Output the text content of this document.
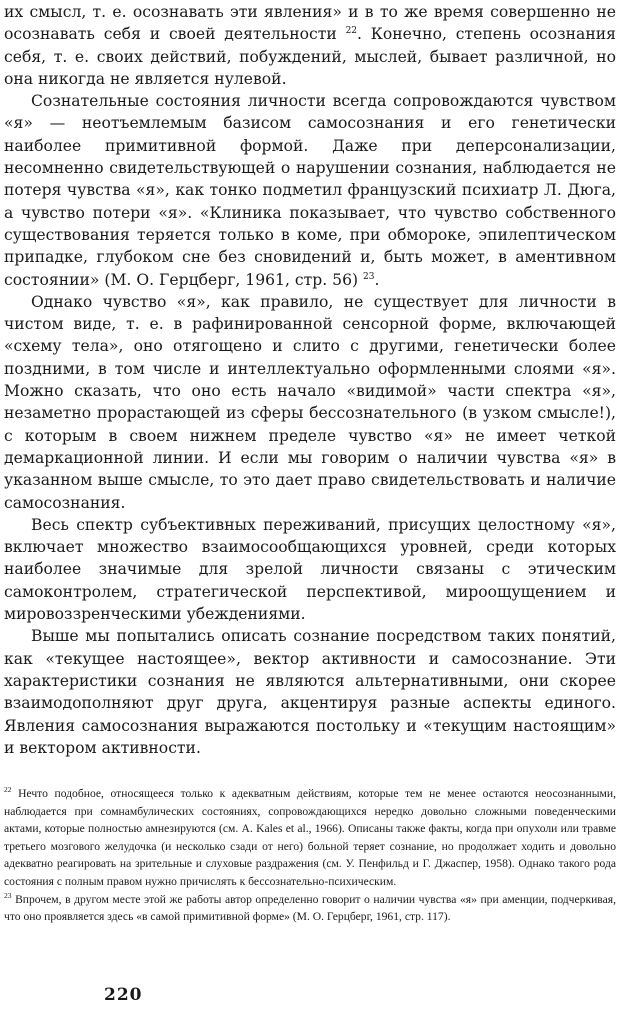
их смысл, т. е. осознавать эти явления» и в то же время совершенно не осознавать себя и своей деятельности $^{22}$. Конечно, степень осознания себя, т. е. своих действий, побуждений, мыслей, бывает различной, но она никогда не является нулевой.

Сознательные состояния личности всегда сопровождаются чувством «я» — неотъемлемым базисом самосознания и его генетически наиболее примитивной формой. Даже при деперсонализации, несомненно свидетельствующей о нарушении сознания, наблюдается не потеря чувства «я», как тонко подметил французский психиатр Л. Дюга, а чувство потери «я». «Клиника показывает, что чувство собственного существования теряется только в коме, при обмороке, эпилептическом припадке, глубоком сне без сновидений и, быть может, в аментивном состоянии» (М. О. Герцберг, 1961, стр. 56) $^{23}$.

Однако чувство «я», как правило, не существует для личности в чистом виде, т. е. в рафинированной сенсорной форме, включающей «схему тела», оно отягощено и слито с другими, генетически более поздними, в том числе и интеллектуально оформленными слоями «я». Можно сказать, что оно есть начало «видимой» части спектра «я», незаметно прорастающей из сферы бессознательного (в узком смысле!), с которым в своем нижнем пределе чувство «я» не имеет четкой демаркационной линии. И если мы говорим о наличии чувства «я» в указанном выше смысле, то это дает право свидетельствовать и наличие самосознания.

Весь спектр субъективных переживаний, присущих целостному «я», включает множество взаимосообщающихся уровней, среди которых наиболее значимые для зрелой личности связаны с этическим самоконтролем, стратегической перспективой, мироощущением и мировоззренческими убеждениями.

Выше мы попытались описать сознание посредством таких понятий, как «текущее настоящее», вектор активности и самосознание. Эти характеристики сознания не являются альтернативными, они скорее взаимодополняют друг друга, акцентируя разные аспекты единого. Явления самосознания выражаются постольку и «текущим настоящим» и вектором активности.

$^{22}$ Нечто подобное, относящееся только к адекватным действиям, которые тем не менее остаются неосознанными, наблюдается при сомнамбулических состояниях, сопровождающихся нередко довольно сложными поведенческими актами, которые полностью амнезируются (см. А. Kales et al., 1966). Описаны также факты, когда при опухоли или травме третьего мозгового желудочка (и несколько сзади от него) больной теряет сознание, но продолжает ходить и довольно адекватно реагировать на зрительные и слуховые раздражения (см. У. Пенфильд и Г. Джаспер, 1958). Однако такого рода состояния с полным правом нужно причислять к бессознательно-психическим.

$^{23}$ Впрочем, в другом месте этой же работы автор определенно говорит о наличии чувства «я» при аменции, подчеркивая, что оно проявляется здесь «в самой примитивной форме» (М. О. Герцберг, 1961, стр. 117).

220
